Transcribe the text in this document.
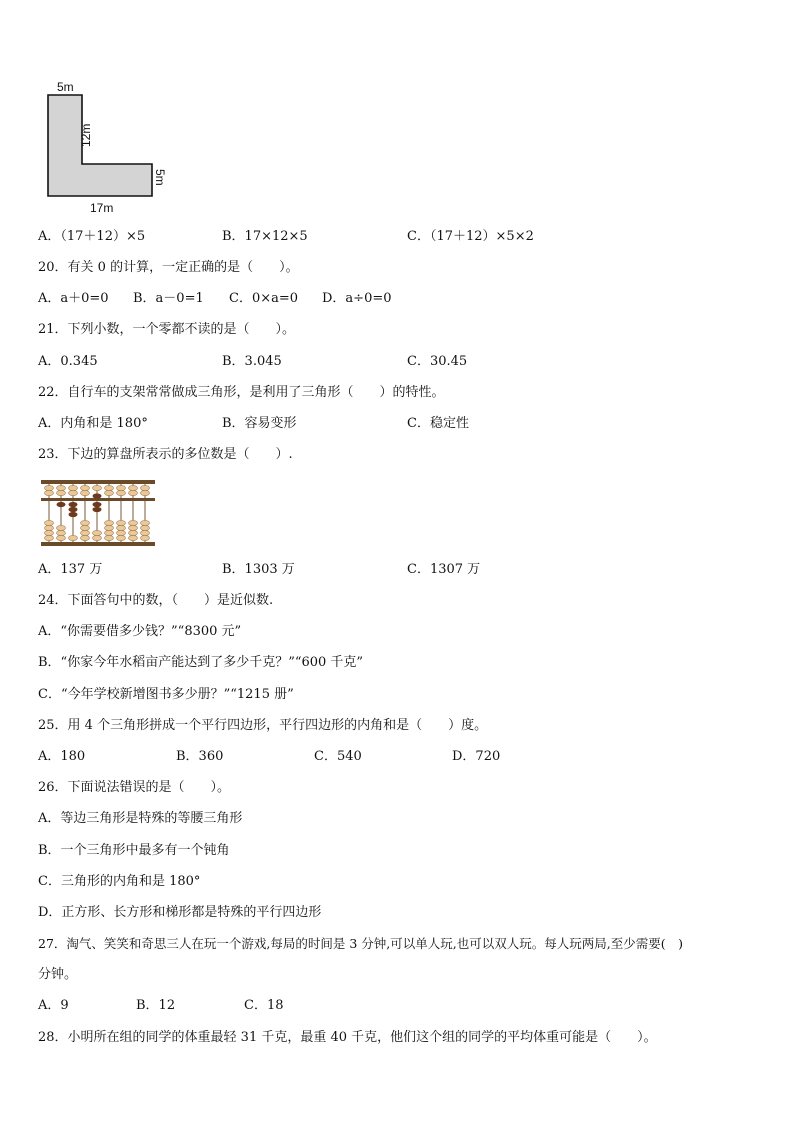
5m
12m
5m
17m
A．（17＋12）×5	B．17×12×5	C．（17＋12）×5×2
20．有关 0 的计算，一定正确的是（　　）。
A．a＋0=0 B．a－0=1 C．0×a=0 D．a÷0=0
21．下列小数，一个零都不读的是（　　）。
A．0.345	B．3.045	C．30.45
22．自行车的支架常常做成三角形，是利用了三角形（　　）的特性。
A．内角和是 180°	B．容易变形	C．稳定性
23．下边的算盘所表示的多位数是（　　）.
A．137 万	B．1303 万	C．1307 万
24．下面答句中的数，（　　）是近似数.
A．“你需要借多少钱？”“8300 元”
B．“你家今年水稻亩产能达到了多少千克？”“600 千克”
C．“今年学校新增图书多少册？”“1215 册”
25．用 4 个三角形拼成一个平行四边形，平行四边形的内角和是（　　）度。
A．180	B．360	C．540	D．720
26．下面说法错误的是（　　）。
A．等边三角形是特殊的等腰三角形
B．一个三角形中最多有一个钝角
C．三角形的内角和是 180°
D．正方形、长方形和梯形都是特殊的平行四边形
27．淘气、笑笑和奇思三人在玩一个游戏,每局的时间是 3 分钟,可以单人玩,也可以双人玩。每人玩两局,至少需要(　)
分钟。
A．9	B．12	C．18
28．小明所在组的同学的体重最轻 31 千克，最重 40 千克，他们这个组的同学的平均体重可能是（　　）。
